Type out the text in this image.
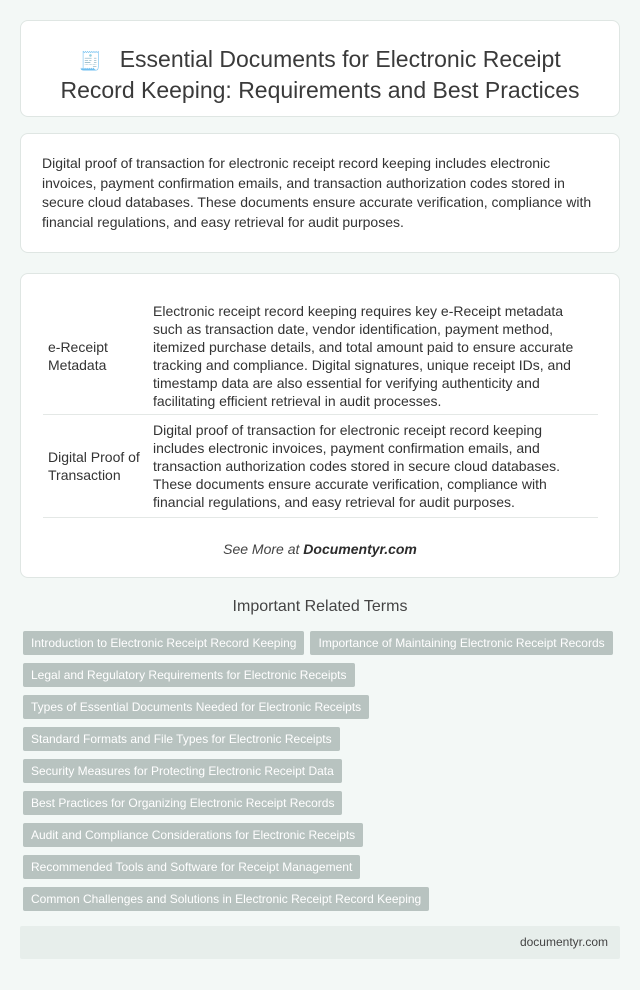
🧾 Essential Documents for Electronic Receipt Record Keeping: Requirements and Best Practices

Digital proof of transaction for electronic receipt record keeping includes electronic invoices, payment confirmation emails, and transaction authorization codes stored in secure cloud databases. These documents ensure accurate verification, compliance with financial regulations, and easy retrieval for audit purposes.

e-Receipt Metadata	Electronic receipt record keeping requires key e-Receipt metadata such as transaction date, vendor identification, payment method, itemized purchase details, and total amount paid to ensure accurate tracking and compliance. Digital signatures, unique receipt IDs, and timestamp data are also essential for verifying authenticity and facilitating efficient retrieval in audit processes.
Digital Proof of Transaction	Digital proof of transaction for electronic receipt record keeping includes electronic invoices, payment confirmation emails, and transaction authorization codes stored in secure cloud databases. These documents ensure accurate verification, compliance with financial regulations, and easy retrieval for audit purposes.
See More at Documentyr.com
Important Related Terms
Introduction to Electronic Receipt Record Keeping Importance of Maintaining Electronic Receipt Records
Legal and Regulatory Requirements for Electronic Receipts
Types of Essential Documents Needed for Electronic Receipts
Standard Formats and File Types for Electronic Receipts
Security Measures for Protecting Electronic Receipt Data
Best Practices for Organizing Electronic Receipt Records
Audit and Compliance Considerations for Electronic Receipts
Recommended Tools and Software for Receipt Management
Common Challenges and Solutions in Electronic Receipt Record Keeping
documentyr.com
